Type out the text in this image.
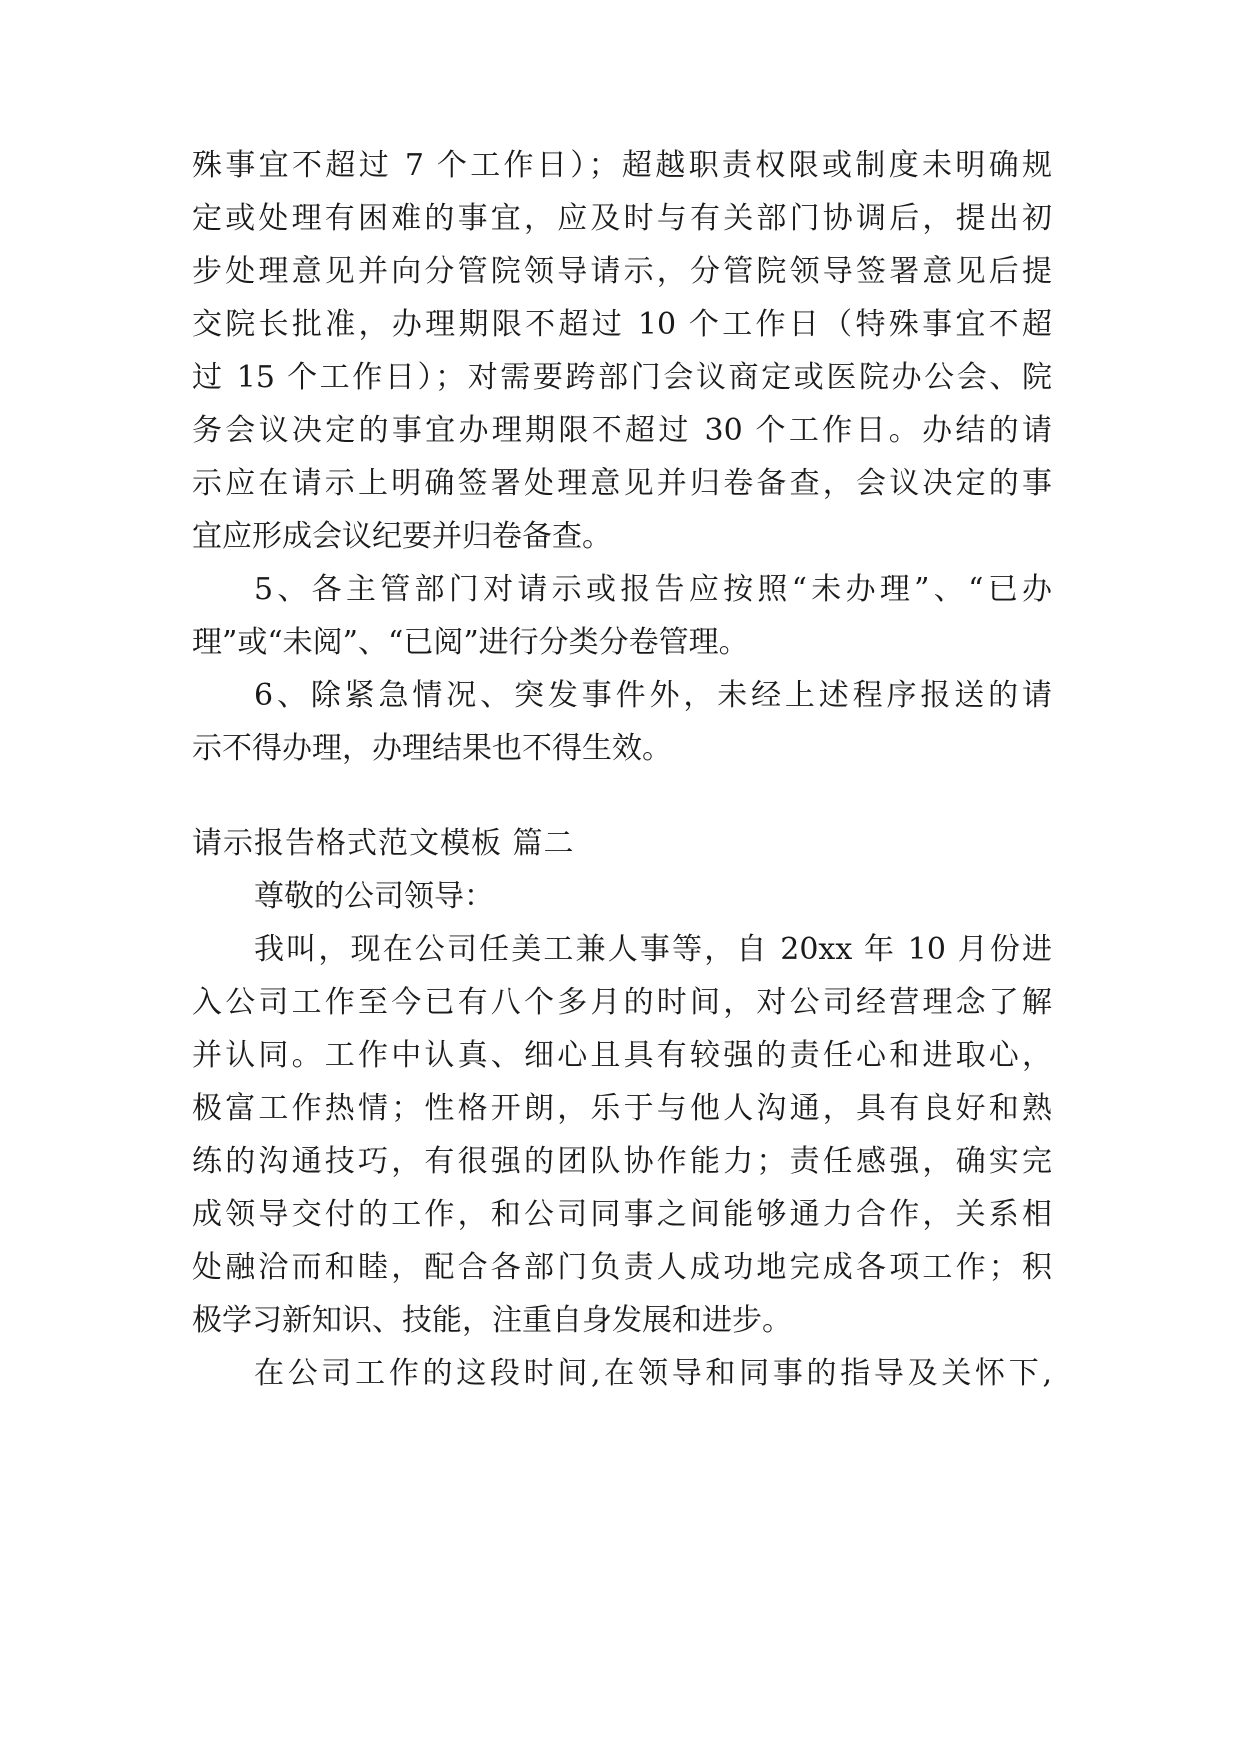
殊事宜不超过 7 个工作日）；超越职责权限或制度未明确规
定或处理有困难的事宜，应及时与有关部门协调后，提出初
步处理意见并向分管院领导请示，分管院领导签署意见后提
交院长批准，办理期限不超过 10 个工作日（特殊事宜不超
过 15 个工作日）；对需要跨部门会议商定或医院办公会、院
务会议决定的事宜办理期限不超过 30 个工作日。办结的请
示应在请示上明确签署处理意见并归卷备查，会议决定的事
宜应形成会议纪要并归卷备查。
5、各主管部门对请示或报告应按照“未办理”、“已办
理”或“未阅”、“已阅”进行分类分卷管理。
6、除紧急情况、突发事件外，未经上述程序报送的请
示不得办理，办理结果也不得生效。
请示报告格式范文模板 篇二
尊敬的公司领导：
我叫，现在公司任美工兼人事等，自 20xx 年 10 月份进
入公司工作至今已有八个多月的时间，对公司经营理念了解
并认同。工作中认真、细心且具有较强的责任心和进取心，
极富工作热情；性格开朗，乐于与他人沟通，具有良好和熟
练的沟通技巧，有很强的团队协作能力；责任感强，确实完
成领导交付的工作，和公司同事之间能够通力合作，关系相
处融洽而和睦，配合各部门负责人成功地完成各项工作；积
极学习新知识、技能，注重自身发展和进步。
在公司工作的这段时间,在领导和同事的指导及关怀下,
